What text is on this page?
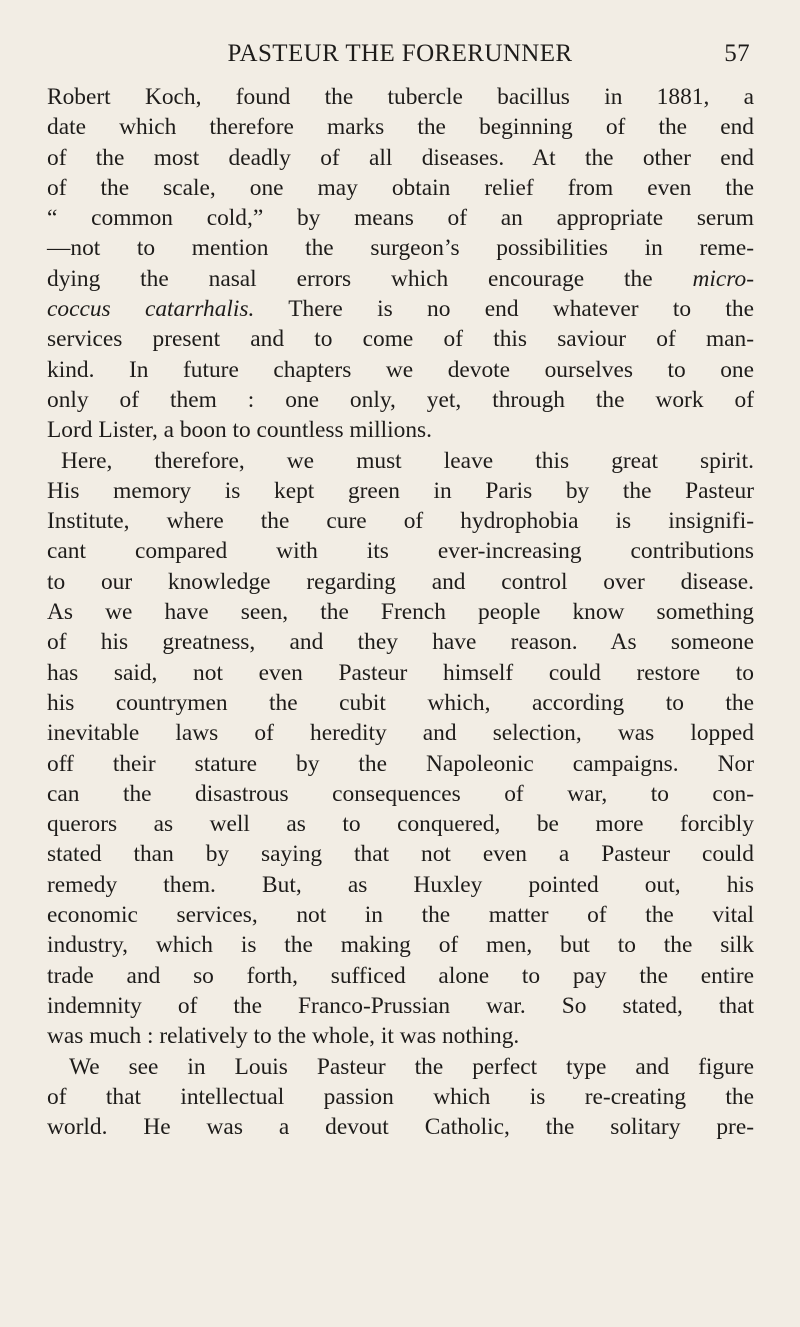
PASTEUR THE FORERUNNER	57
Robert Koch, found the tubercle bacillus in 1881, a
date which therefore marks the beginning of the end
of the most deadly of all diseases. At the other end
of the scale, one may obtain relief from even the
“ common cold,” by means of an appropriate serum
—not to mention the surgeon’s possibilities in reme-
dying the nasal errors which encourage the micro-
coccus catarrhalis. There is no end whatever to the
services present and to come of this saviour of man-
kind. In future chapters we devote ourselves to one
only of them : one only, yet, through the work of
Lord Lister, a boon to countless millions.
Here, therefore, we must leave this great spirit.
His memory is kept green in Paris by the Pasteur
Institute, where the cure of hydrophobia is insignifi-
cant compared with its ever-increasing contributions
to our knowledge regarding and control over disease.
As we have seen, the French people know something
of his greatness, and they have reason. As someone
has said, not even Pasteur himself could restore to
his countrymen the cubit which, according to the
inevitable laws of heredity and selection, was lopped
off their stature by the Napoleonic campaigns. Nor
can the disastrous consequences of war, to con-
querors as well as to conquered, be more forcibly
stated than by saying that not even a Pasteur could
remedy them. But, as Huxley pointed out, his
economic services, not in the matter of the vital
industry, which is the making of men, but to the silk
trade and so forth, sufficed alone to pay the entire
indemnity of the Franco-Prussian war. So stated, that
was much : relatively to the whole, it was nothing.
We see in Louis Pasteur the perfect type and figure
of that intellectual passion which is re-creating the
world. He was a devout Catholic, the solitary pre-
